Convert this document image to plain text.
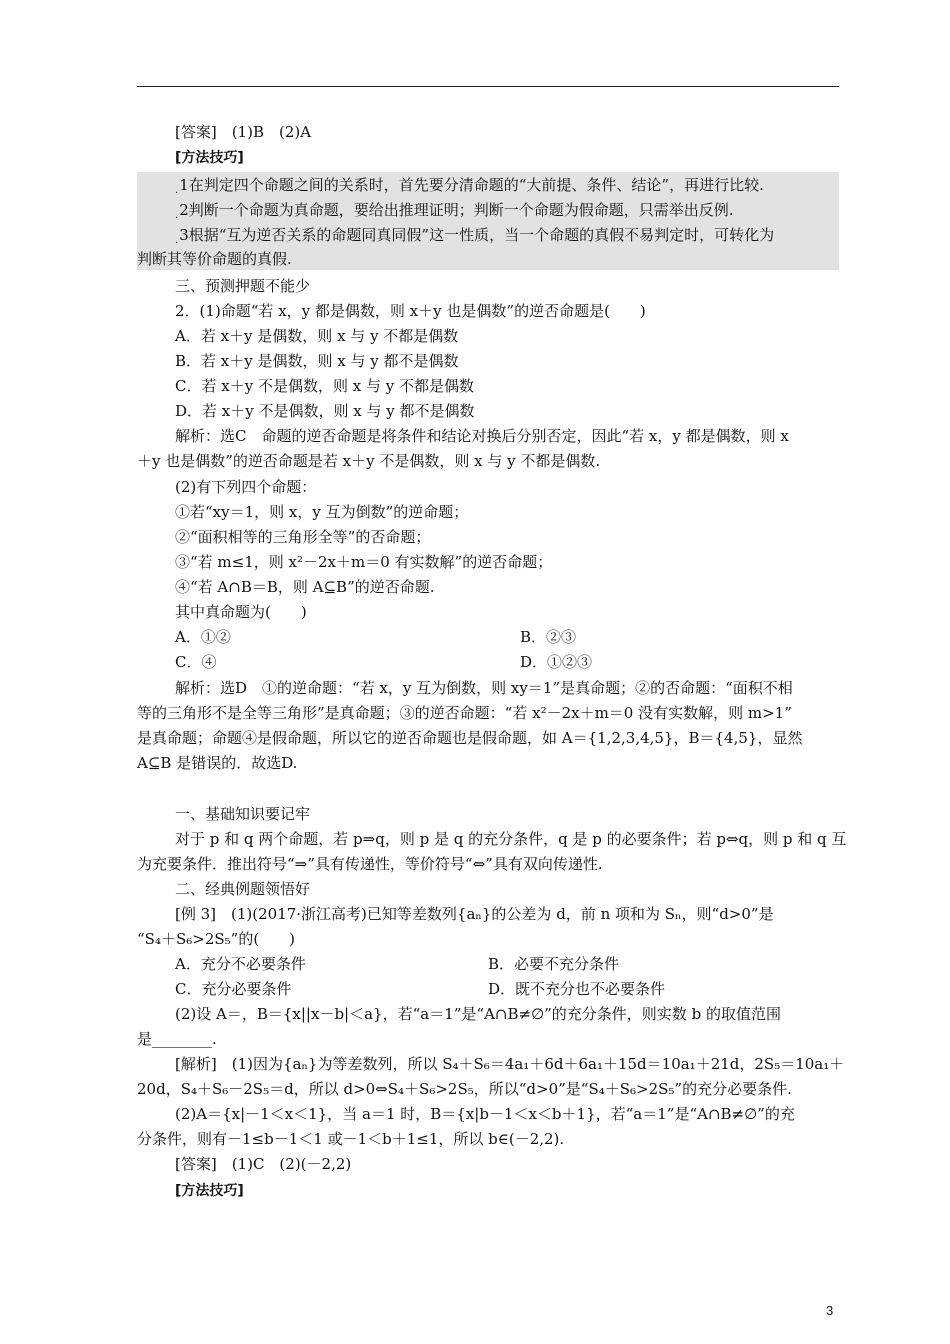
[答案]　(1)B　(2)A
[方法技巧]
.1在判定四个命题之间的关系时，首先要分清命题的“大前提、条件、结论”，再进行比较.
.2判断一个命题为真命题，要给出推理证明；判断一个命题为假命题，只需举出反例.
.3根据“互为逆否关系的命题同真同假”这一性质，当一个命题的真假不易判定时，可转化为
判断其等价命题的真假.
三、预测押题不能少
2．(1)命题“若 x，y 都是偶数，则 x＋y 也是偶数”的逆否命题是(　　)
A．若 x＋y 是偶数，则 x 与 y 不都是偶数
B．若 x＋y 是偶数，则 x 与 y 都不是偶数
C．若 x＋y 不是偶数，则 x 与 y 不都是偶数
D．若 x＋y 不是偶数，则 x 与 y 都不是偶数
解析：选C　命题的逆否命题是将条件和结论对换后分别否定，因此“若 x，y 都是偶数，则 x
＋y 也是偶数”的逆否命题是若 x＋y 不是偶数，则 x 与 y 不都是偶数.
(2)有下列四个命题：
①若“xy＝1，则 x，y 互为倒数”的逆命题；
②“面积相等的三角形全等”的否命题；
③“若 m≤1，则 x²－2x＋m＝0 有实数解”的逆否命题；
④“若 A∩B＝B，则 A⊆B”的逆否命题.
其中真命题为(　　)
A．①②	B．②③
C．④	D．①②③
解析：选D　①的逆命题：“若 x，y 互为倒数，则 xy＝1”是真命题；②的否命题：“面积不相
等的三角形不是全等三角形”是真命题；③的逆否命题：“若 x²－2x＋m＝0 没有实数解，则 m>1”
是真命题；命题④是假命题，所以它的逆否命题也是假命题，如 A＝{1,2,3,4,5}，B＝{4,5}，显然
A⊆B 是错误的．故选D.
一、基础知识要记牢
对于 p 和 q 两个命题，若 p⇒q，则 p 是 q 的充分条件，q 是 p 的必要条件；若 p⇔q，则 p 和 q 互
为充要条件．推出符号“⇒”具有传递性，等价符号“⇔”具有双向传递性.
二、经典例题领悟好
[例 3]　(1)(2017·浙江高考)已知等差数列{aₙ}的公差为 d，前 n 项和为 Sₙ，则“d>0”是
“S₄＋S₆>2S₅”的(　　)
A．充分不必要条件	B．必要不充分条件
C．充分必要条件	D．既不充分也不必要条件
(2)设 A＝，B＝{x||x－b|＜a}，若“a＝1”是“A∩B≠∅”的充分条件，则实数 b 的取值范围
是________.
[解析]　(1)因为{aₙ}为等差数列，所以 S₄＋S₆＝4a₁＋6d＋6a₁＋15d＝10a₁＋21d，2S₅＝10a₁＋
20d，S₄＋S₆－2S₅＝d，所以 d>0⇔S₄＋S₆>2S₅，所以“d>0”是“S₄＋S₆>2S₅”的充分必要条件.
(2)A＝{x|－1＜x＜1}，当 a＝1 时，B＝{x|b－1＜x＜b＋1}，若“a＝1”是“A∩B≠∅”的充
分条件，则有－1≤b－1＜1 或－1＜b＋1≤1，所以 b∈(－2,2).
[答案]　(1)C　(2)(－2,2)
[方法技巧]
3
